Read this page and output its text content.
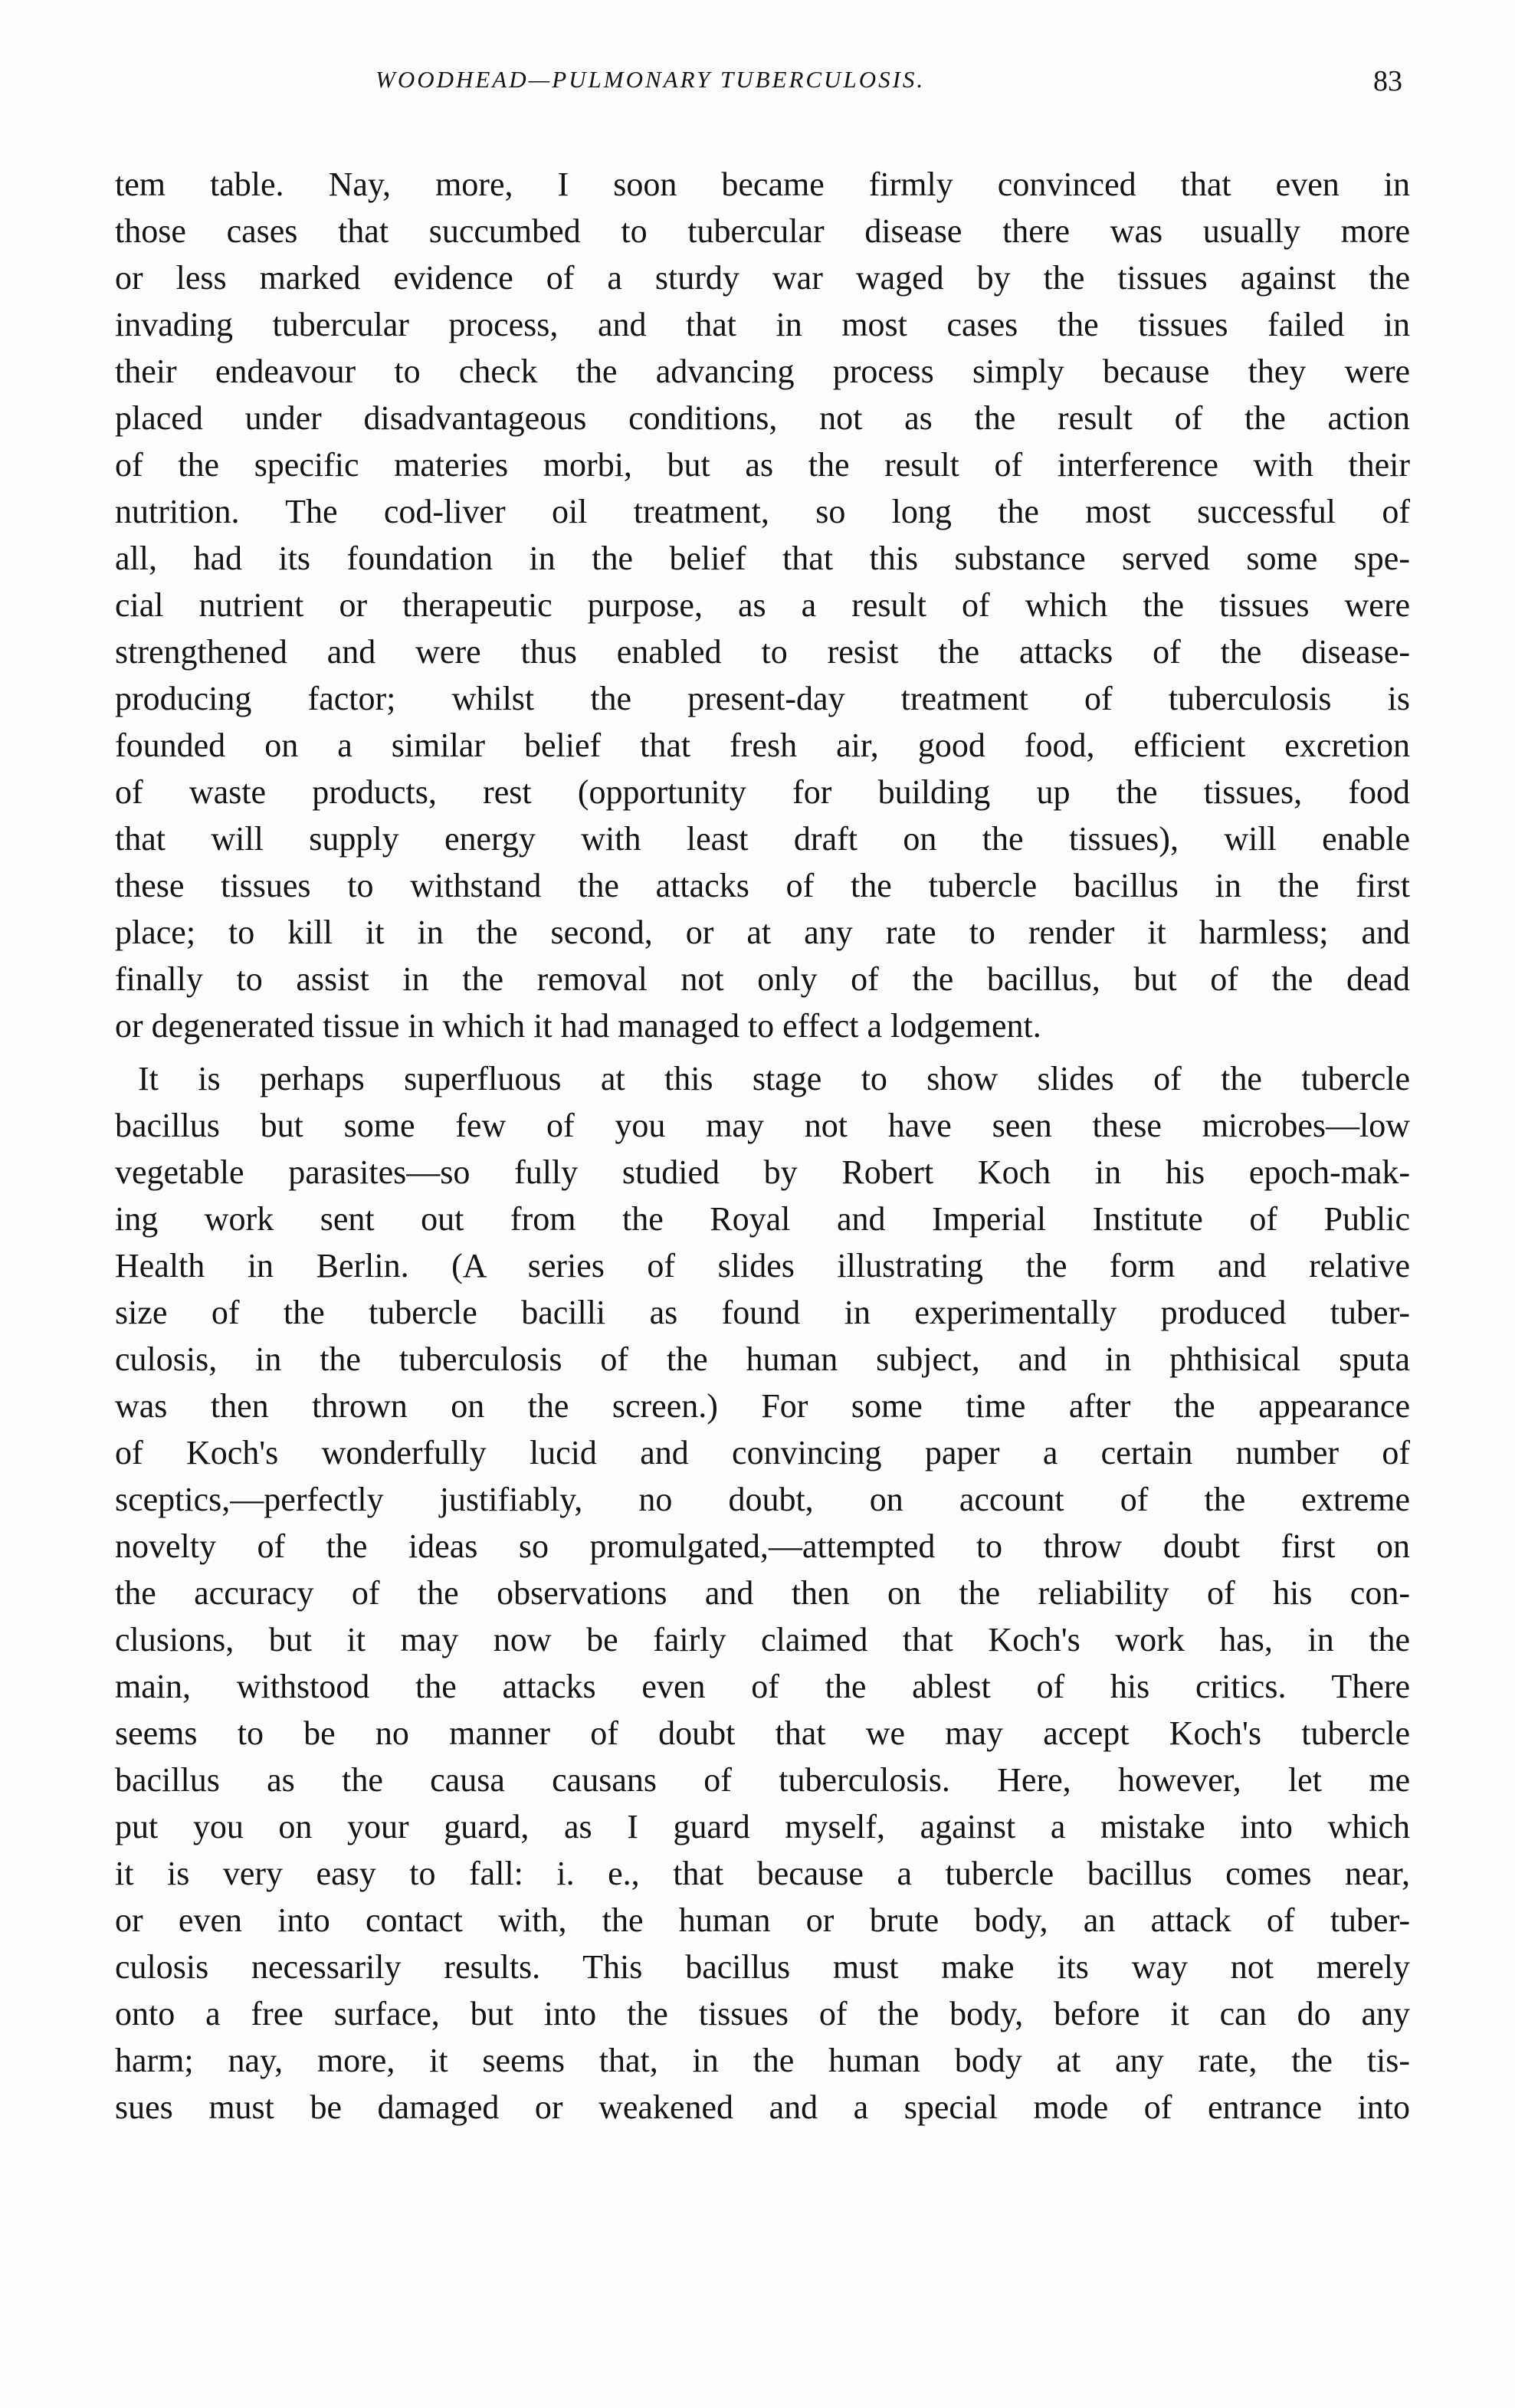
WOODHEAD—PULMONARY TUBERCULOSIS.	83
tem table. Nay, more, I soon became firmly convinced that even in
those cases that succumbed to tubercular disease there was usually more
or less marked evidence of a sturdy war waged by the tissues against the
invading tubercular process, and that in most cases the tissues failed in
their endeavour to check the advancing process simply because they were
placed under disadvantageous conditions, not as the result of the action
of the specific materies morbi, but as the result of interference with their
nutrition. The cod-liver oil treatment, so long the most successful of
all, had its foundation in the belief that this substance served some spe-
cial nutrient or therapeutic purpose, as a result of which the tissues were
strengthened and were thus enabled to resist the attacks of the disease-
producing factor; whilst the present-day treatment of tuberculosis is
founded on a similar belief that fresh air, good food, efficient excretion
of waste products, rest (opportunity for building up the tissues, food
that will supply energy with least draft on the tissues), will enable
these tissues to withstand the attacks of the tubercle bacillus in the first
place; to kill it in the second, or at any rate to render it harmless; and
finally to assist in the removal not only of the bacillus, but of the dead
or degenerated tissue in which it had managed to effect a lodgement.
It is perhaps superfluous at this stage to show slides of the tubercle
bacillus but some few of you may not have seen these microbes—low
vegetable parasites—so fully studied by Robert Koch in his epoch-mak-
ing work sent out from the Royal and Imperial Institute of Public
Health in Berlin. (A series of slides illustrating the form and relative
size of the tubercle bacilli as found in experimentally produced tuber-
culosis, in the tuberculosis of the human subject, and in phthisical sputa
was then thrown on the screen.) For some time after the appearance
of Koch's wonderfully lucid and convincing paper a certain number of
sceptics,—perfectly justifiably, no doubt, on account of the extreme
novelty of the ideas so promulgated,—attempted to throw doubt first on
the accuracy of the observations and then on the reliability of his con-
clusions, but it may now be fairly claimed that Koch's work has, in the
main, withstood the attacks even of the ablest of his critics. There
seems to be no manner of doubt that we may accept Koch's tubercle
bacillus as the causa causans of tuberculosis. Here, however, let me
put you on your guard, as I guard myself, against a mistake into which
it is very easy to fall: i. e., that because a tubercle bacillus comes near,
or even into contact with, the human or brute body, an attack of tuber-
culosis necessarily results. This bacillus must make its way not merely
onto a free surface, but into the tissues of the body, before it can do any
harm; nay, more, it seems that, in the human body at any rate, the tis-
sues must be damaged or weakened and a special mode of entrance into
